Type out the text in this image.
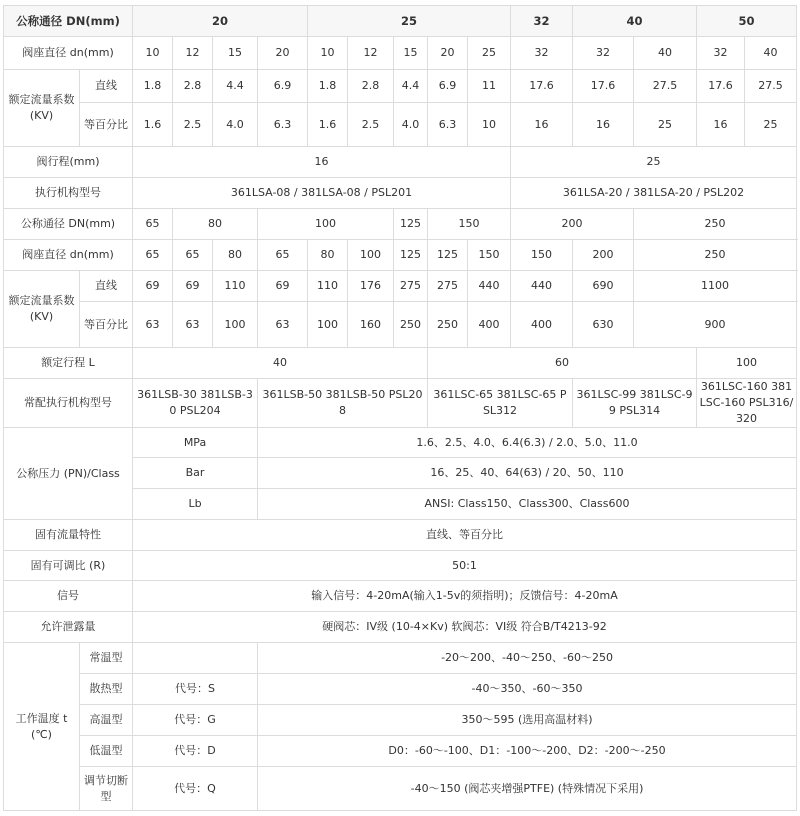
公称通径 DN(mm)		20				25					32	40		50		
阀座直径 dn(mm)		10	12	15	20	10	12	15	20	25	32	32	40	32	40	
额定流量系数(KV)	直线	1.8	2.8	4.4	6.9	1.8	2.8	4.4	6.9	11	17.6	17.6	27.5	17.6	27.5	
	等百分比	1.6	2.5	4.0	6.3	1.6	2.5	4.0	6.3	10	16	16	25	16	25	
阀行程(mm)		16									25					
执行机构型号		361LSA-08 / 381LSA-08 / PSL201									361LSA-20 / 381LSA-20 / PSL202					
公称通径 DN(mm)		65	80		100			125	150		200		250			
阀座直径 dn(mm)		65	65	80	65	80	100	125	125	150	150	200	250			
额定流量系数(KV)	直线	69	69	110	69	110	176	275	275	440	440	690	1100			
	等百分比	63	63	100	63	100	160	250	250	400	400	630	900			
额定行程 L		40							60					100		
常配执行机构型号		361LSB-30 381LSB-30 PSL204			361LSB-50 381LSB-50 PSL208				361LSC-65 381LSC-65 PSL312			361LSC-99 381LSC-99 PSL314		361LSC-160 381LSC-160 PSL316/320		
公称压力 (PN)/Class		MPa			1.6、2.5、4.0、6.4(6.3) / 2.0、5.0、11.0											
		Bar			16、25、40、64(63) / 20、50、110											
		Lb			ANSI: Class150、Class300、Class600											
固有流量特性		直线、等百分比														
固有可调比 (R)		50:1														
信号		输入信号：4-20mA(输入1-5v的须指明)；反馈信号：4-20mA														
允许泄露量		硬阀芯：IV级 (10-4×Kv) 软阀芯：VI级 符合B/T4213-92														
工作温度 t (℃)	常温型				-20～200、-40～250、-60～250											
	散热型	代号：S			-40～350、-60～350											
	高温型	代号：G			350～595 (选用高温材料)											
	低温型	代号：D			D0：-60～-100、D1：-100～-200、D2：-200～-250											
	调节切断型	代号：Q			-40～150 (阀芯夹增强PTFE) (特殊情况下采用)											
